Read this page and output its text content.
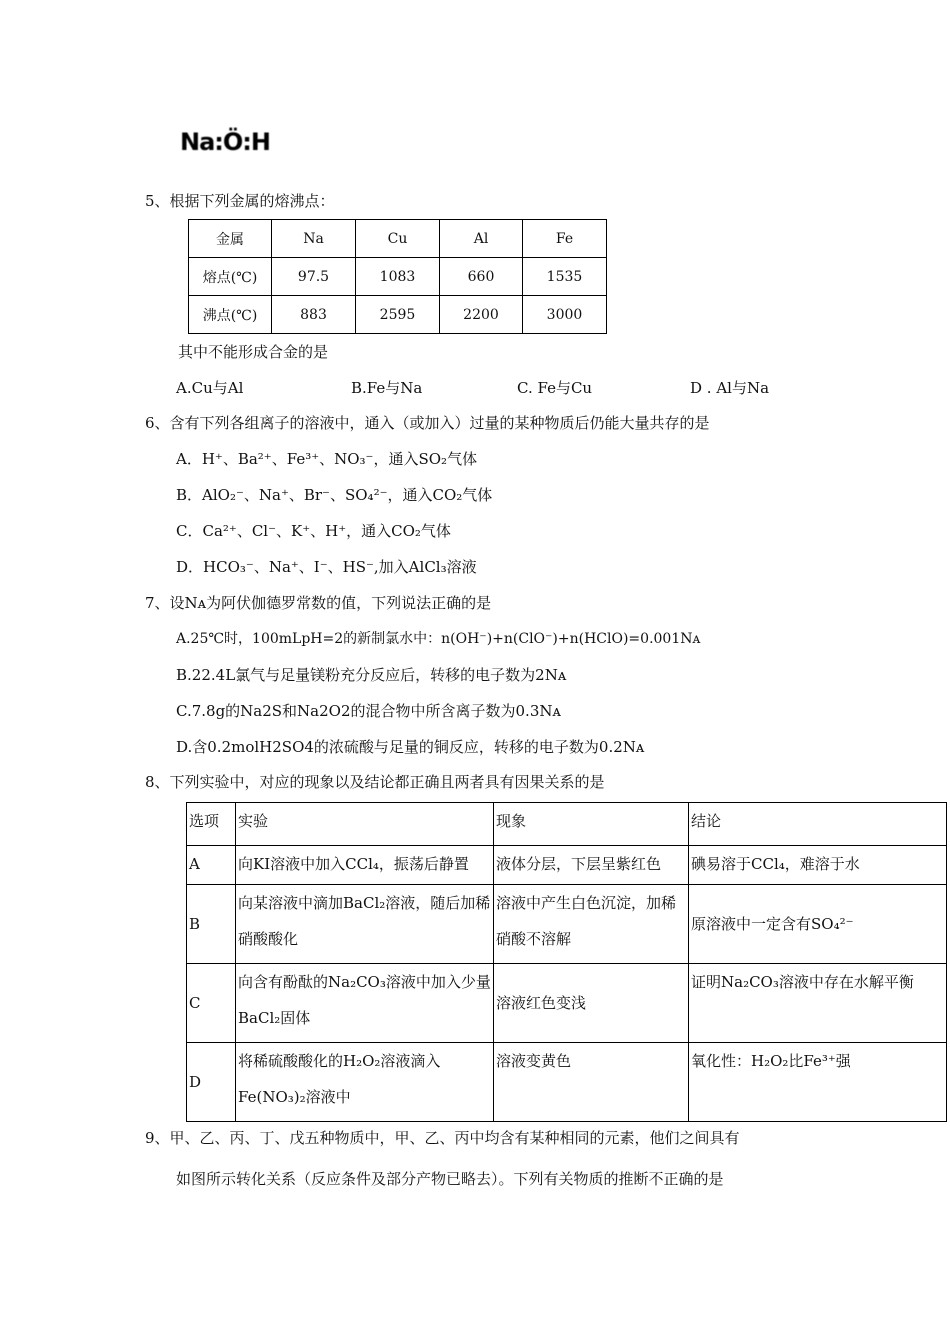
Na:Ö:H
5、根据下列金属的熔沸点：
金属	Na	Cu	Al	Fe
熔点(℃)	97.5	1083	660	1535
沸点(℃)	883	2595	2200	3000
其中不能形成合金的是
A.Cu与Al	B.Fe与Na	C. Fe与Cu	D . Al与Na
6、含有下列各组离子的溶液中，通入（或加入）过量的某种物质后仍能大量共存的是
A．H⁺、Ba²⁺、Fe³⁺、NO₃⁻，通入SO₂气体
B．AlO₂⁻、Na⁺、Br⁻、SO₄²⁻，通入CO₂气体
C．Ca²⁺、Cl⁻、K⁺、H⁺，通入CO₂气体
D．HCO₃⁻、Na⁺、I⁻、HS⁻,加入AlCl₃溶液
7、设Nᴀ为阿伏伽德罗常数的值，下列说法正确的是
A.25℃时，100mLpH=2的新制氯水中：n(OH⁻)+n(ClO⁻)+n(HClO)=0.001Nᴀ
B.22.4L氯气与足量镁粉充分反应后，转移的电子数为2Nᴀ
C.7.8g的Na2S和Na2O2的混合物中所含离子数为0.3Nᴀ
D.含0.2molH2SO4的浓硫酸与足量的铜反应，转移的电子数为0.2Nᴀ
8、下列实验中，对应的现象以及结论都正确且两者具有因果关系的是
选项	实验	现象	结论
A	向KI溶液中加入CCl₄，振荡后静置	液体分层，下层呈紫红色	碘易溶于CCl₄，难溶于水
B	向某溶液中滴加BaCl₂溶液，随后加稀硝酸酸化	溶液中产生白色沉淀，加稀硝酸不溶解	原溶液中一定含有SO₄²⁻
C	向含有酚酞的Na₂CO₃溶液中加入少量BaCl₂固体	溶液红色变浅	证明Na₂CO₃溶液中存在水解平衡
D	将稀硫酸酸化的H₂O₂溶液滴入Fe(NO₃)₂溶液中	溶液变黄色	氧化性：H₂O₂比Fe³⁺强
9、甲、乙、丙、丁、戊五种物质中，甲、乙、丙中均含有某种相同的元素，他们之间具有
如图所示转化关系（反应条件及部分产物已略去）。下列有关物质的推断不正确的是
